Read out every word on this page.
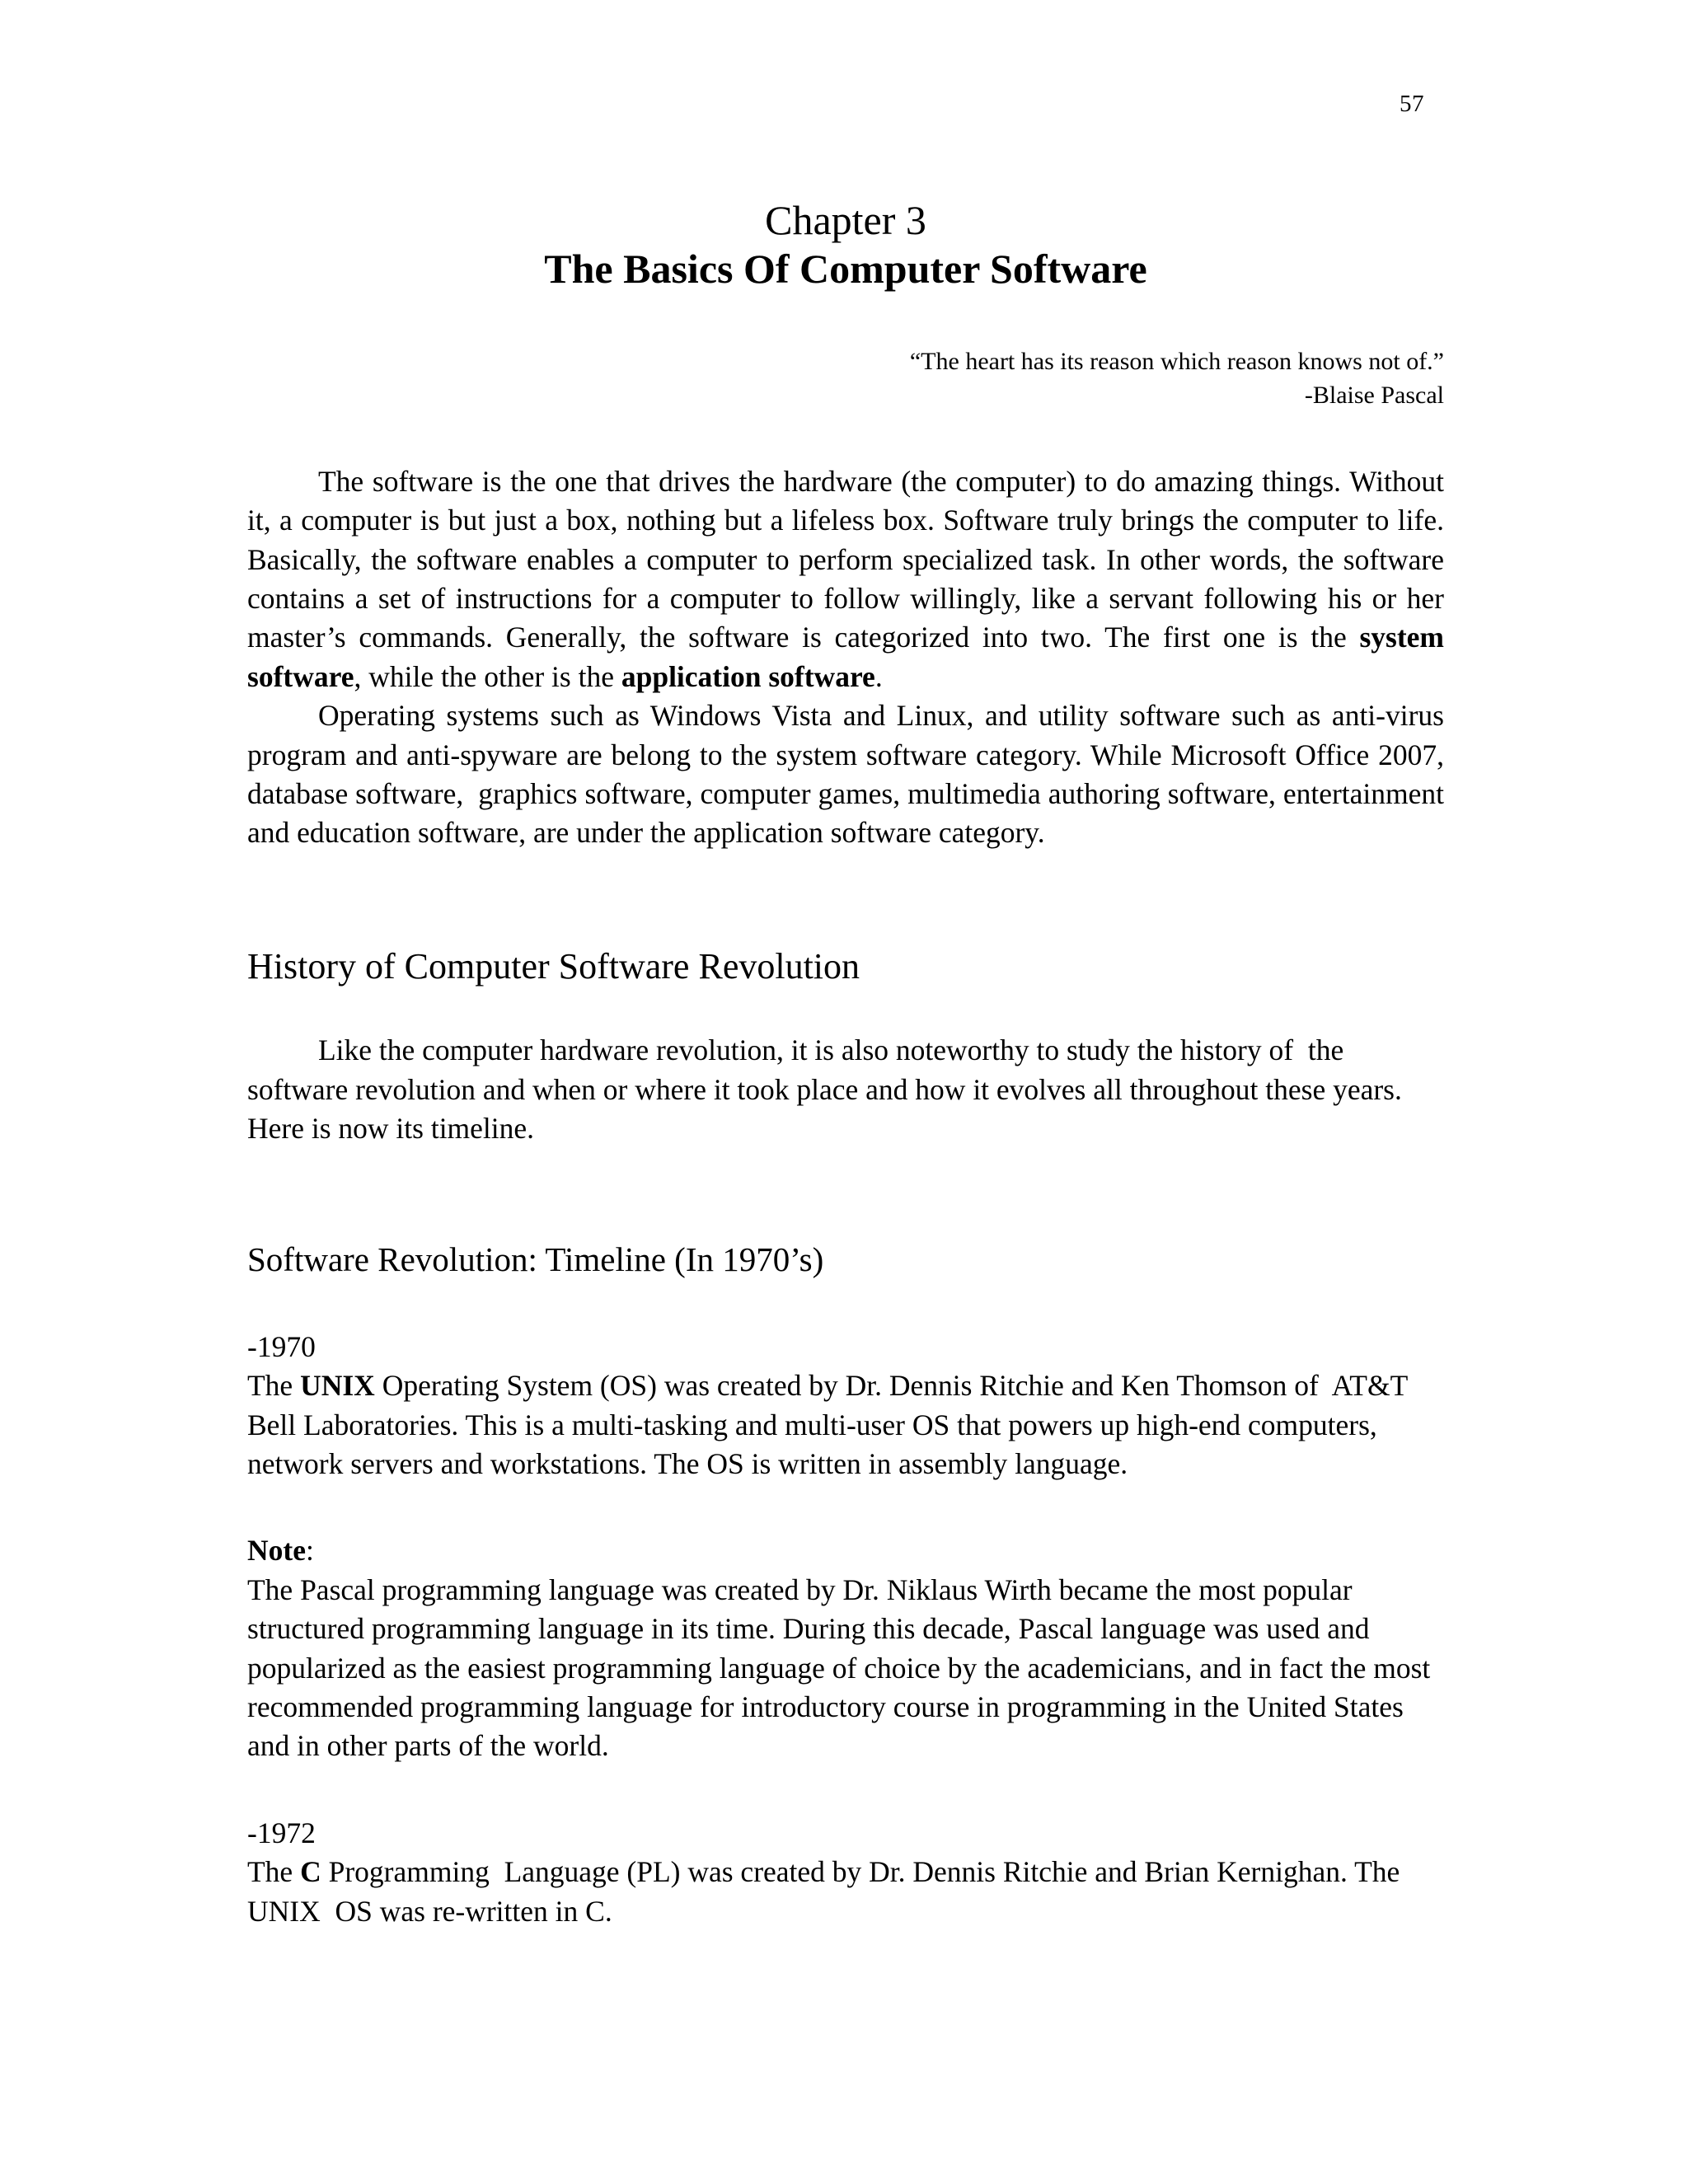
57
Chapter 3
The Basics Of Computer Software
“The heart has its reason which reason knows not of.”
-Blaise Pascal

The software is the one that drives the hardware (the computer) to do amazing things. Without it, a computer is but just a box, nothing but a lifeless box. Software truly brings the computer to life. Basically, the software enables a computer to perform specialized task. In other words, the software contains a set of instructions for a computer to follow willingly, like a servant following his or her master’s commands. Generally, the software is categorized into two. The first one is the system software, while the other is the application software.

Operating systems such as Windows Vista and Linux, and utility software such as anti-virus program and anti-spyware are belong to the system software category. While Microsoft Office 2007,  database software,  graphics software, computer games, multimedia authoring software, entertainment and education software, are under the application software category.

History of Computer Software Revolution

Like the computer hardware revolution, it is also noteworthy to study the history of  the software revolution and when or where it took place and how it evolves all throughout these years. Here is now its timeline.

Software Revolution: Timeline (In 1970’s)

-1970

The UNIX Operating System (OS) was created by Dr. Dennis Ritchie and Ken Thomson of  AT&T Bell Laboratories. This is a multi-tasking and multi-user OS that powers up high-end computers, network servers and workstations. The OS is written in assembly language.

Note:

The Pascal programming language was created by Dr. Niklaus Wirth became the most popular structured programming language in its time. During this decade, Pascal language was used and popularized as the easiest programming language of choice by the academicians, and in fact the most recommended programming language for introductory course in programming in the United States and in other parts of the world.

-1972

The C Programming  Language (PL) was created by Dr. Dennis Ritchie and Brian Kernighan. The UNIX  OS was re-written in C.
